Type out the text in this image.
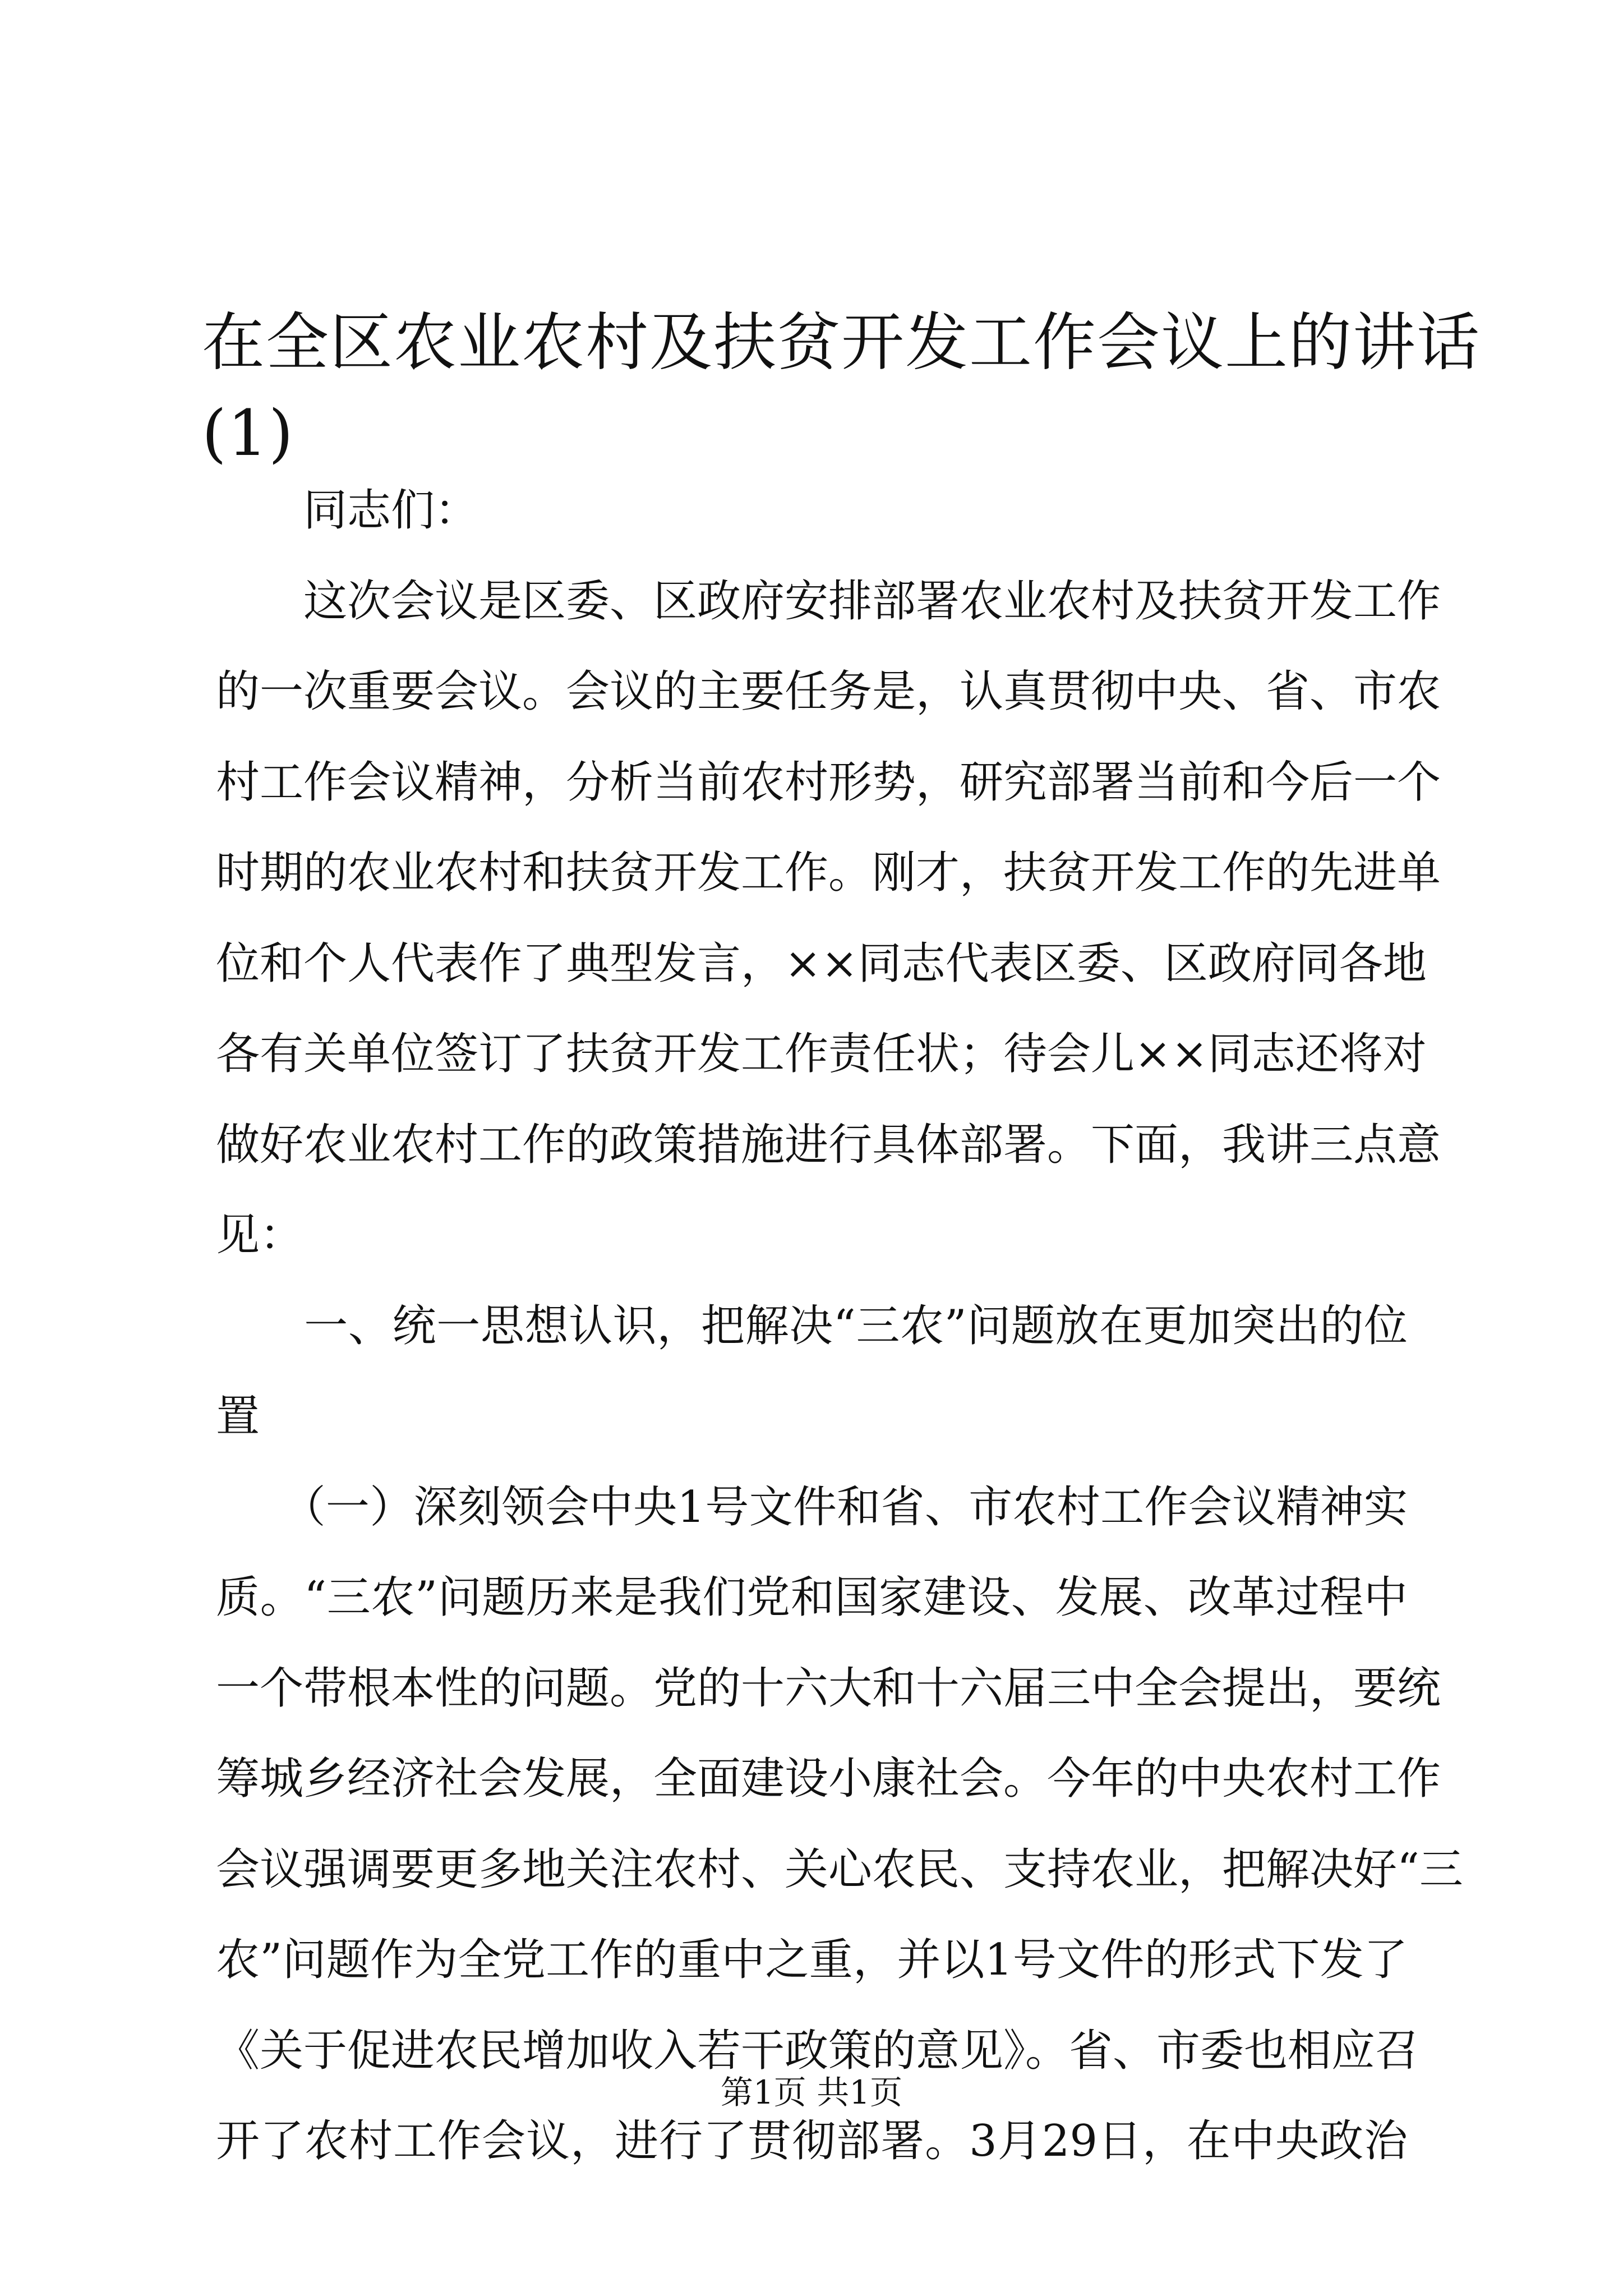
在全区农业农村及扶贫开发工作会议上的讲话
(1)

　　同志们：

　　这次会议是区委、区政府安排部署农业农村及扶贫开发工作
的一次重要会议。会议的主要任务是，认真贯彻中央、省、市农
村工作会议精神，分析当前农村形势，研究部署当前和今后一个
时期的农业农村和扶贫开发工作。刚才，扶贫开发工作的先进单
位和个人代表作了典型发言，××同志代表区委、区政府同各地
各有关单位签订了扶贫开发工作责任状；待会儿××同志还将对
做好农业农村工作的政策措施进行具体部署。下面，我讲三点意
见：

　　一、统一思想认识，把解决“三农”问题放在更加突出的位
置

　　（一）深刻领会中央1号文件和省、市农村工作会议精神实
质。“三农”问题历来是我们党和国家建设、发展、改革过程中
一个带根本性的问题。党的十六大和十六届三中全会提出，要统
筹城乡经济社会发展，全面建设小康社会。今年的中央农村工作
会议强调要更多地关注农村、关心农民、支持农业，把解决好“三
农”问题作为全党工作的重中之重，并以1号文件的形式下发了
《关于促进农民增加收入若干政策的意见》。省、市委也相应召
开了农村工作会议，进行了贯彻部署。3月29日，在中央政治

第1页 共1页
